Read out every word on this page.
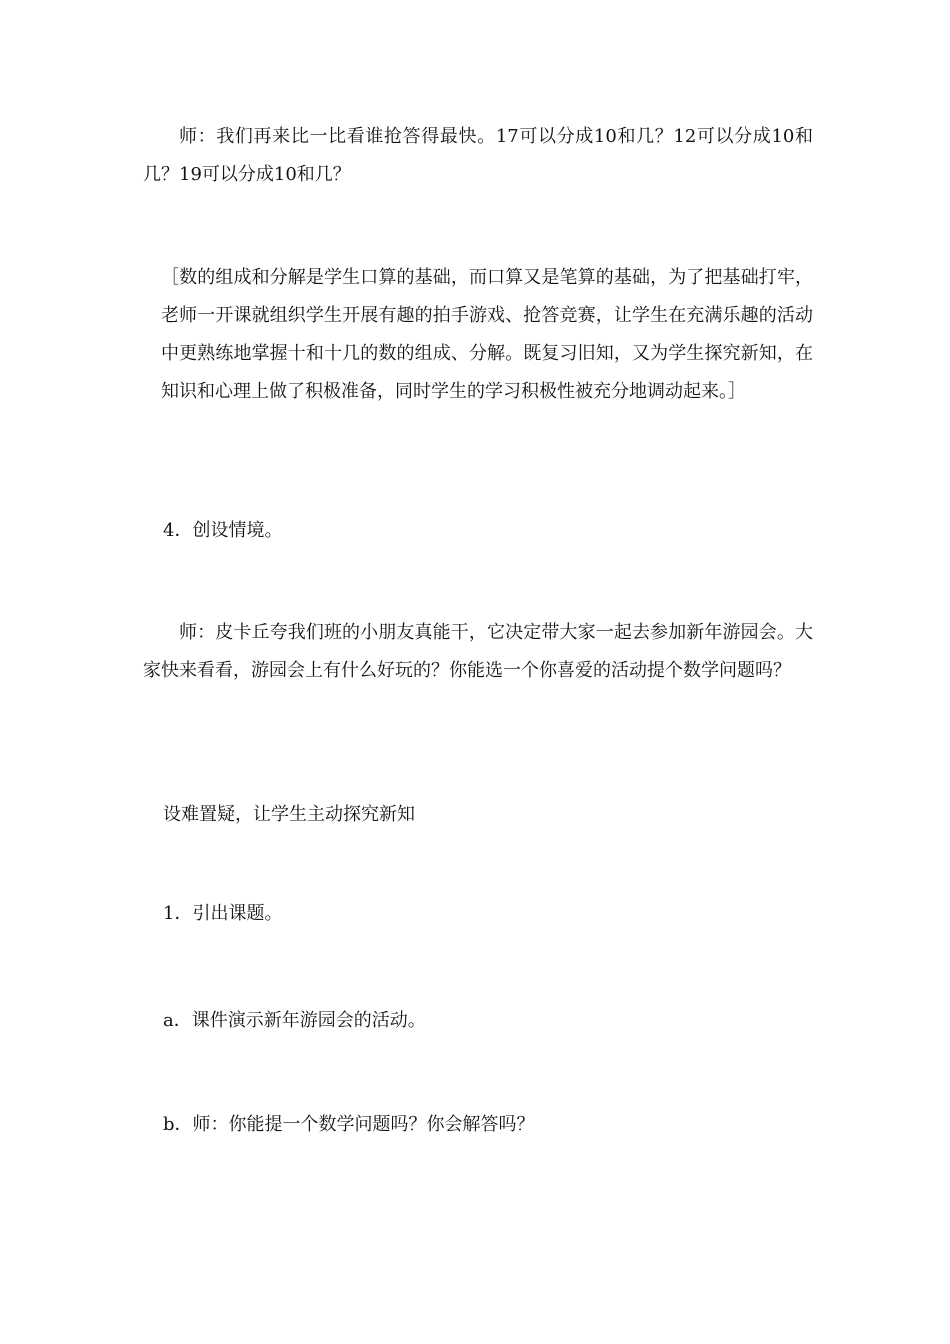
师：我们再来比一比看谁抢答得最快。17可以分成10和几？12可以分成10和几？19可以分成10和几？

［数的组成和分解是学生口算的基础，而口算又是笔算的基础，为了把基础打牢，老师一开课就组织学生开展有趣的拍手游戏、抢答竞赛，让学生在充满乐趣的活动中更熟练地掌握十和十几的数的组成、分解。既复习旧知，又为学生探究新知，在知识和心理上做了积极准备，同时学生的学习积极性被充分地调动起来。］

4．创设情境。

师：皮卡丘夸我们班的小朋友真能干，它决定带大家一起去参加新年游园会。大家快来看看，游园会上有什么好玩的？你能选一个你喜爱的活动提个数学问题吗？

设难置疑，让学生主动探究新知

1．引出课题。

a．课件演示新年游园会的活动。

b．师：你能提一个数学问题吗？你会解答吗？
